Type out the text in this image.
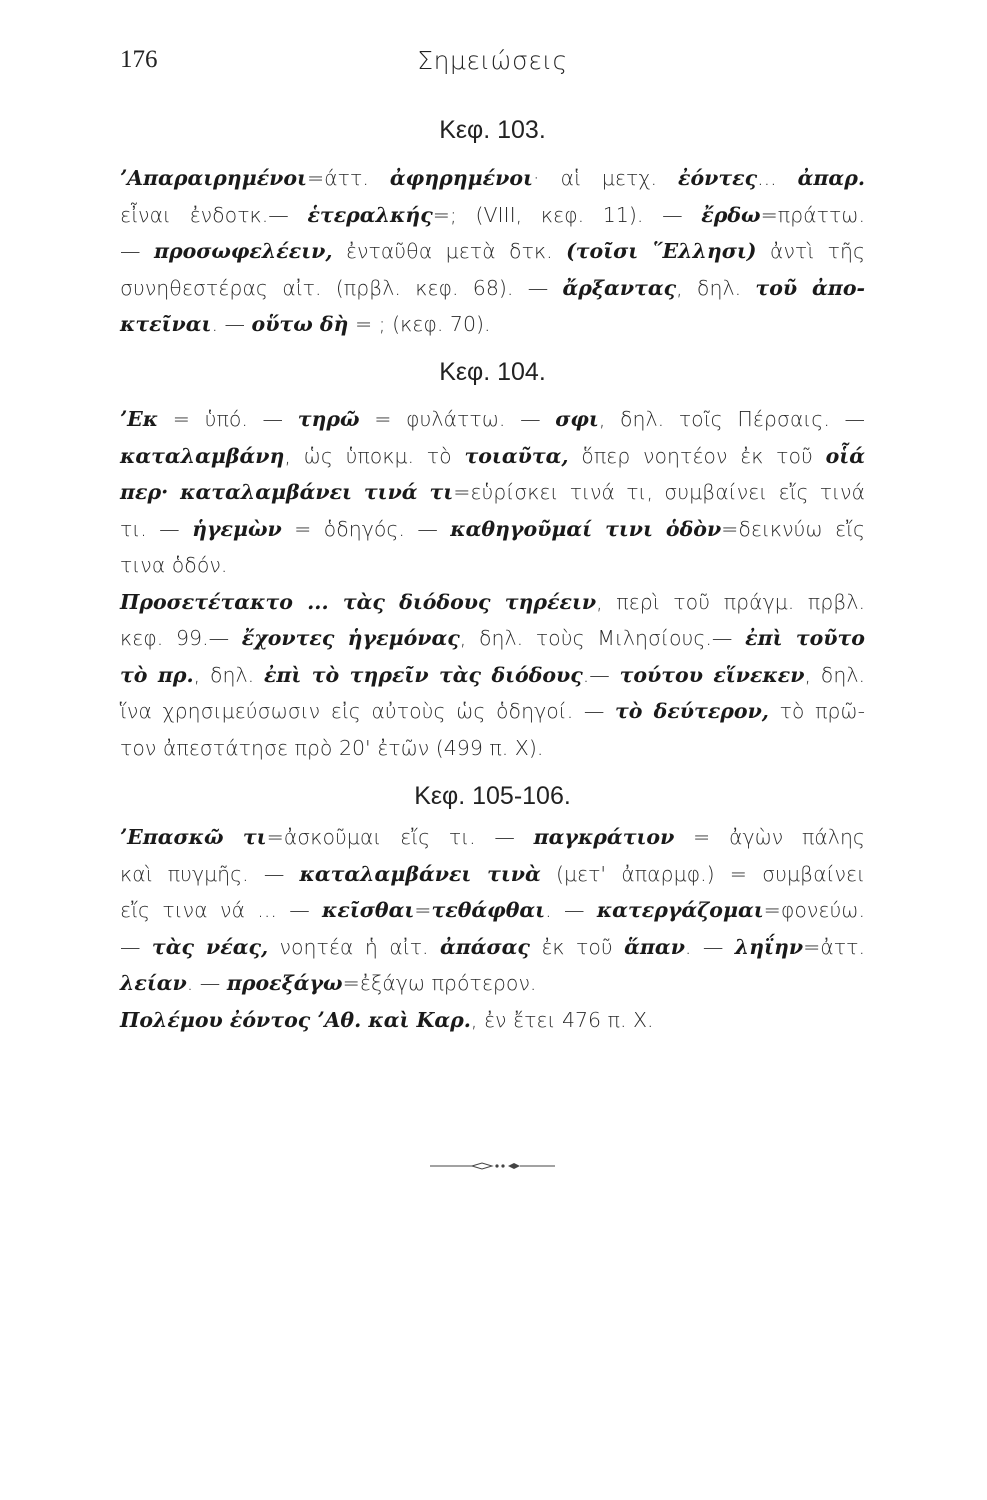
176	Σημειώσεις
Κεφ. 103.
ʼΑπαραιρημένοι=άττ. ἀφηρημένοι· αἱ μετχ. ἐόντες... ἀπαρ.
εἶναι ἐνδοτκ.— ἑτεραλκής=; (VIII, κεφ. 11). — ἔρδω=πράττω.
— προσωφελέειν, ἐνταῦθα μετὰ δτκ. (τοῖσι ῞Ελλησι) ἀντὶ τῆς
συνηθεστέρας αἰτ. (πρβλ. κεφ. 68). — ἄρξαντας, δηλ. τοῦ ἀπο-
κτεῖναι. — οὕτω δὴ = ; (κεφ. 70).
Κεφ. 104.
ʼΕκ = ὑπό. — τηρῶ = φυλάττω. — σφι, δηλ. τοῖς Πέρσαις. —
καταλαμβάνη, ὡς ὑποκμ. τὸ τοιαῦτα, ὅπερ νοητέον ἐκ τοῦ οἷά
περ· καταλαμβάνει τινά τι=εὑρίσκει τινά τι, συμβαίνει εἴς τινά
τι. — ἡγεμὼν = ὁδηγός. — καθηγοῦμαί τινι ὁδὸν=δεικνύω εἴς
τινα ὁδόν.
Προσετέτακτο ... τὰς διόδους τηρέειν, περὶ τοῦ πράγμ. πρβλ.
κεφ. 99.— ἔχοντες ἡγεμόνας, δηλ. τοὺς Μιλησίους.— ἐπὶ τοῦτο
τὸ πρ., δηλ. ἐπὶ τὸ τηρεῖν τὰς διόδους.— τούτου εἵνεκεν, δηλ.
ἵνα χρησιμεύσωσιν εἰς αὐτοὺς ὡς ὁδηγοί. — τὸ δεύτερον, τὸ πρῶ-
τον ἀπεστάτησε πρὸ 20' ἐτῶν (499 π. Χ).
Κεφ. 105-106.
ʼΕπασκῶ τι=ἀσκοῦμαι εἴς τι. — παγκράτιον = ἀγὼν πάλης
καὶ πυγμῆς. — καταλαμβάνει τινὰ (μετ' ἀπαρμφ.) = συμβαίνει
εἴς τινα νά ... — κεῖσθαι=τεθάφθαι. — κατεργάζομαι=φονεύω.
— τὰς νέας, νοητέα ἡ αἰτ. ἀπάσας ἐκ τοῦ ἅπαν. — ληΐην=ἀττ.
λείαν. — προεξάγω=ἐξάγω πρότερον.
Πολέμου ἐόντος ʼΑθ. καὶ Καρ., ἐν ἔτει 476 π. Χ.
